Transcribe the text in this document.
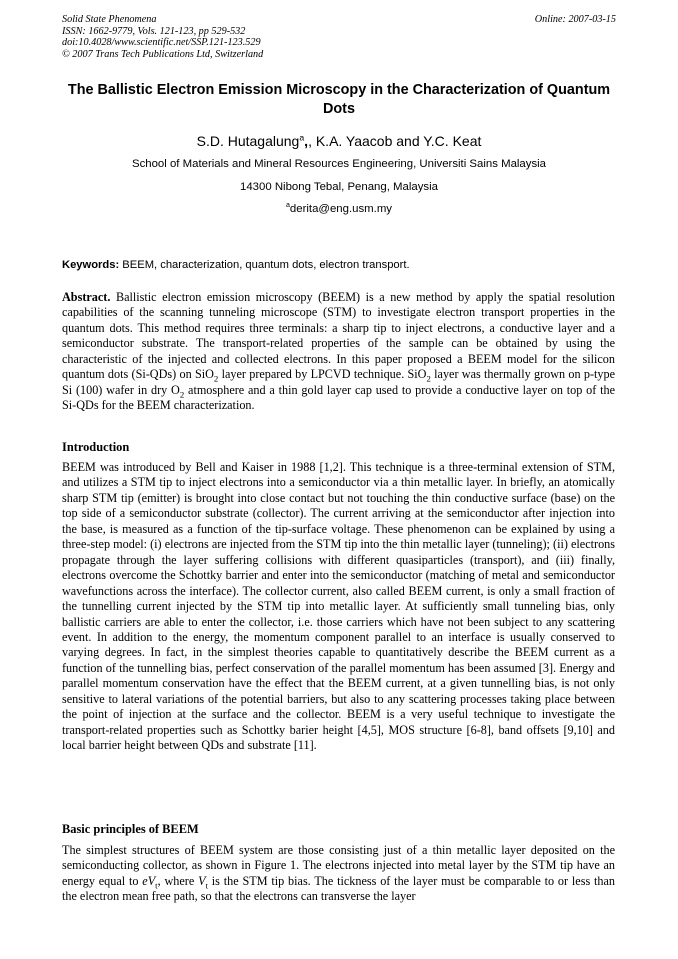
Solid State Phenomena
ISSN: 1662-9779, Vols. 121-123, pp 529-532
doi:10.4028/www.scientific.net/SSP.121-123.529
© 2007 Trans Tech Publications Ltd, Switzerland
Online: 2007-03-15
The Ballistic Electron Emission Microscopy in the Characterization of Quantum Dots
S.D. Hutagalung$^a$,, K.A. Yaacob and Y.C. Keat
School of Materials and Mineral Resources Engineering, Universiti Sains Malaysia
14300 Nibong Tebal, Penang, Malaysia
$^a$derita@eng.usm.my
Keywords: BEEM, characterization, quantum dots, electron transport.
Abstract. Ballistic electron emission microscopy (BEEM) is a new method by apply the spatial resolution capabilities of the scanning tunneling microscope (STM) to investigate electron transport properties in the quantum dots. This method requires three terminals: a sharp tip to inject electrons, a conductive layer and a semiconductor substrate. The transport-related properties of the sample can be obtained by using the characteristic of the injected and collected electrons. In this paper proposed a BEEM model for the silicon quantum dots (Si-QDs) on SiO$_2$ layer prepared by LPCVD technique. SiO$_2$ layer was thermally grown on p-type Si (100) wafer in dry $O_2$ atmosphere and a thin gold layer cap used to provide a conductive layer on top of the Si-QDs for the BEEM characterization.
Introduction
BEEM was introduced by Bell and Kaiser in 1988 [1,2]. This technique is a three-terminal extension of STM, and utilizes a STM tip to inject electrons into a semiconductor via a thin metallic layer. In briefly, an atomically sharp STM tip (emitter) is brought into close contact but not touching the thin conductive surface (base) on the top side of a semiconductor substrate (collector). The current arriving at the semiconductor after injection into the base, is measured as a function of the tip-surface voltage. These phenomenon can be explained by using a three-step model: (i) electrons are injected from the STM tip into the thin metallic layer (tunneling); (ii) electrons propagate through the layer suffering collisions with different quasiparticles (transport), and (iii) finally, electrons overcome the Schottky barrier and enter into the semiconductor (matching of metal and semiconductor wavefunctions across the interface). The collector current, also called BEEM current, is only a small fraction of the tunnelling current injected by the STM tip into metallic layer. At sufficiently small tunneling bias, only ballistic carriers are able to enter the collector, i.e. those carriers which have not been subject to any scattering event. In addition to the energy, the momentum component parallel to an interface is usually conserved to varying degrees. In fact, in the simplest theories capable to quantitatively describe the BEEM current as a function of the tunnelling bias, perfect conservation of the parallel momentum has been assumed [3]. Energy and parallel momentum conservation have the effect that the BEEM current, at a given tunnelling bias, is not only sensitive to lateral variations of the potential barriers, but also to any scattering processes taking place between the point of injection at the surface and the collector. BEEM is a very useful technique to investigate the transport-related properties such as Schottky barier height [4,5], MOS structure [6-8], band offsets [9,10] and local barrier height between QDs and substrate [11].
Basic principles of BEEM
The simplest structures of BEEM system are those consisting just of a thin metallic layer deposited on the semiconducting collector, as shown in Figure 1. The electrons injected into metal layer by the STM tip have an energy equal to $eV_t$, where $V_t$ is the STM tip bias. The tickness of the layer must be comparable to or less than the electron mean free path, so that the electrons can transverse the layer
